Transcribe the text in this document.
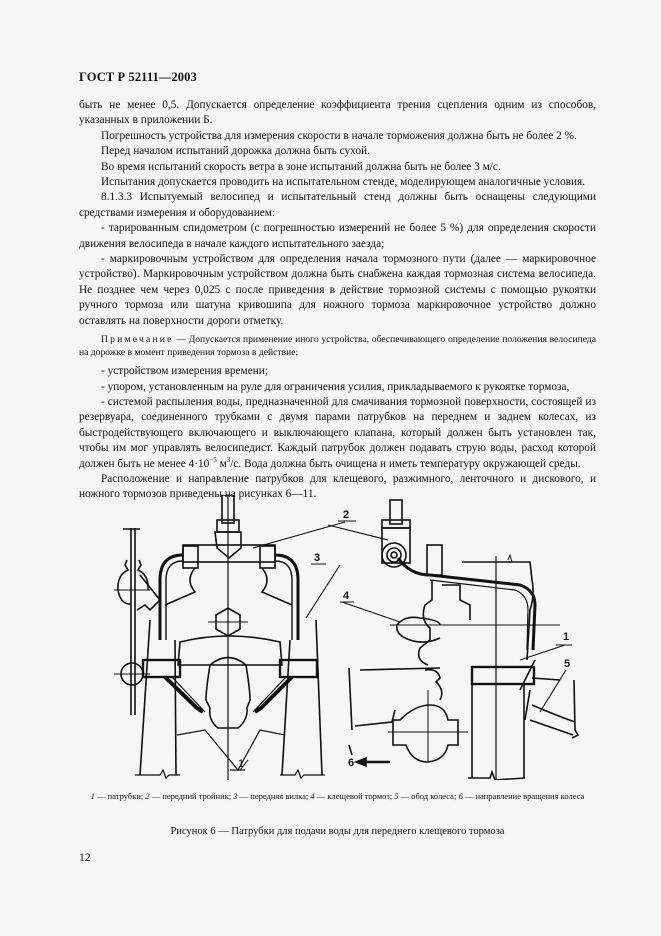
ГОСТ Р 52111—2003

быть не менее 0,5. Допускается определение коэффициента трения сцепления одним из способов, указанных в приложении Б.

Погрешность устройства для измерения скорости в начале торможения должна быть не более 2 %.

Перед началом испытаний дорожка должна быть сухой.

Во время испытаний скорость ветра в зоне испытаний должна быть не более 3 м/с.

Испытания допускается проводить на испытательном стенде, моделирующем аналогичные условия.

8.1.3.3 Испытуемый велосипед и испытательный стенд должны быть оснащены следующими средствами измерения и оборудованием:

- тарированным спидометром (с погрешностью измерений не более 5 %) для определения скорости движения велосипеда в начале каждого испытательного заезда;

- маркировочным устройством для определения начала тормозного пути (далее — маркировочное устройство). Маркировочным устройством должна быть снабжена каждая тормозная система велосипеда. Не позднее чем через 0,025 с после приведения в действие тормозной системы с помощью рукоятки ручного тормоза или шатуна кривошипа для ножного тормоза маркировочное устройство должно оставлять на поверхности дороги отметку.

Примечание — Допускается применение иного устройства, обеспечивающего определение положения велосипеда на дорожке в момент приведения тормоза в действие;

- устройством измерения времени;

- упором, установленным на руле для ограничения усилия, прикладываемого к рукоятке тормоза,

- системой распыления воды, предназначенной для смачивания тормозной поверхности, состоящей из резервуара, соединенного трубками с двумя парами патрубков на переднем и заднем колесах, из быстродействующего включающего и выключающего клапана, который должен быть установлен так, чтобы им мог управлять велосипедист. Каждый патрубок должен подавать струю воды, расход которой должен быть не менее $4\cdot 10^{-5}$ $м^3/с$. Вода должна быть очищена и иметь температуру окружающей среды.

Расположение и направление патрубков для клещевого, разжимного, ленточного и дискового, и ножного тормозов приведены на рисунках 6—11.

2
3
4
1
5
6
1
1 — патрубки; 2 — передний тройник; 3 — передняя вилка; 4 — клещевой тормоз; 5 — обод колеса; 6 — направление вращения колеса
Рисунок 6 — Патрубки для подачи воды для переднего клещевого тормоза
12
